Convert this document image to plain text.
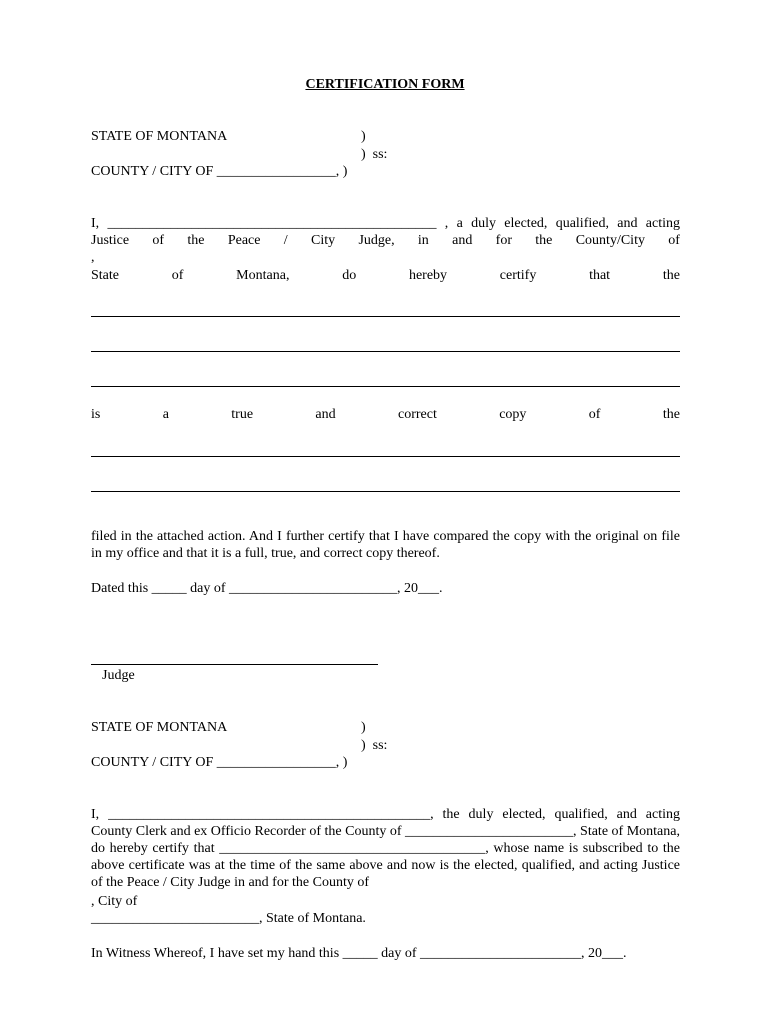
CERTIFICATION FORM
STATE OF MONTANA	)
)  ss:
COUNTY / CITY OF _________________, )
I, _______________________________________________ , a duly elected, qualified, and acting
Justice of the Peace / City Judge, in and for the County/City of
,
State	of	Montana,	do	hereby	certify	that	the
is	a	true	and	correct	copy	of	the
filed in the attached action. And I further certify that I have compared the copy with the original on file in my office and that it is a full, true, and correct copy thereof.
Dated this _____ day of ________________________, 20___.
Judge
STATE OF MONTANA	)
)  ss:
COUNTY / CITY OF _________________, )
I, ______________________________________________, the duly elected, qualified, and acting County Clerk and ex Officio Recorder of the County of ________________________, State of Montana, do hereby certify that ______________________________________, whose name is subscribed to the above certificate was at the time of the same above and now is the elected, qualified, and acting Justice of the Peace / City Judge in and for the County of
, City of
________________________, State of Montana.
In Witness Whereof, I have set my hand this _____ day of _______________________, 20___.
